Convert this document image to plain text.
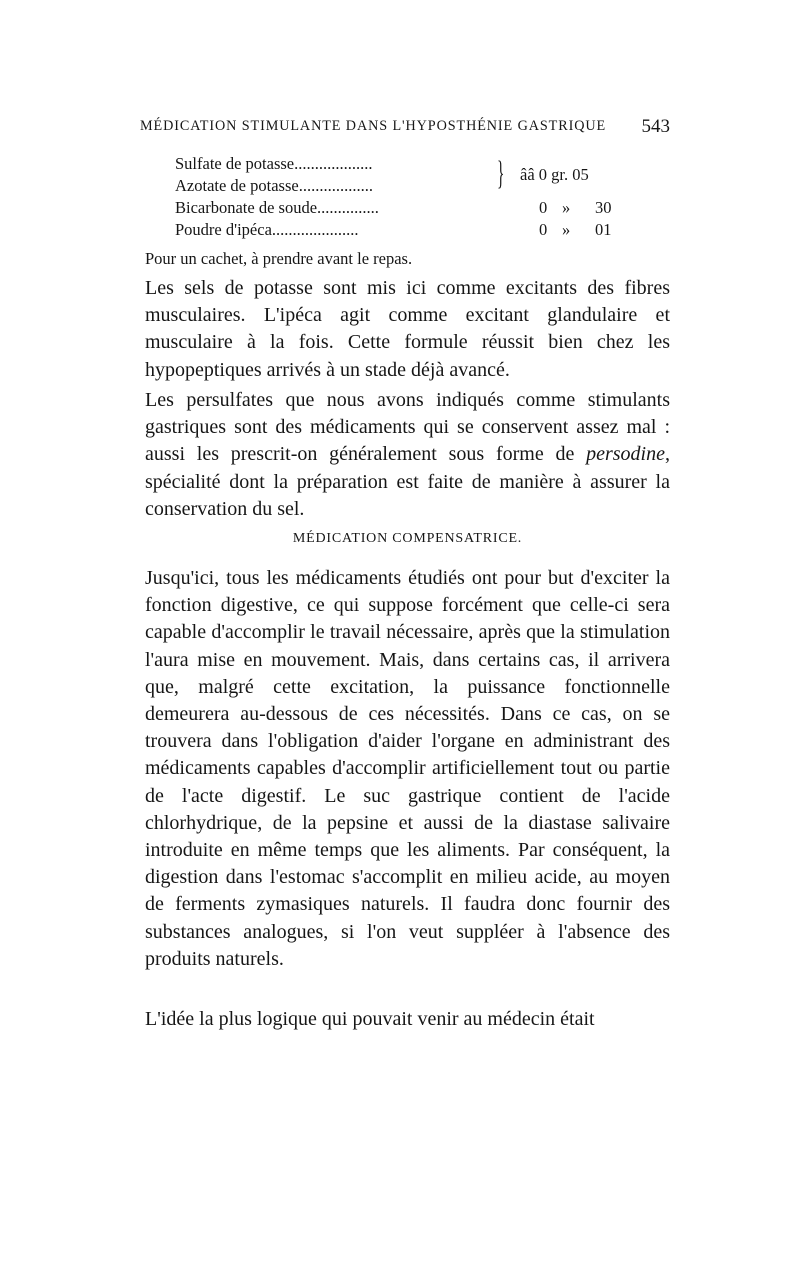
MÉDICATION STIMULANTE DANS L'HYPOSTHÉNIE GASTRIQUE 543
Sulfate de potasse...................	} ââ 0 gr. 05
Azotate de potasse..................
Bicarbonate de soude...............	0 » 30
Poudre d'ipéca.....................	0 » 01
Pour un cachet, à prendre avant le repas.
Les sels de potasse sont mis ici comme excitants des fibres musculaires. L'ipéca agit comme excitant glandulaire et musculaire à la fois. Cette formule réussit bien chez les hypopeptiques arrivés à un stade déjà avancé.
Les persulfates que nous avons indiqués comme stimulants gastriques sont des médicaments qui se conservent assez mal : aussi les prescrit-on généralement sous forme de persodine, spécialité dont la préparation est faite de manière à assurer la conservation du sel.
MÉDICATION COMPENSATRICE.
Jusqu'ici, tous les médicaments étudiés ont pour but d'exciter la fonction digestive, ce qui suppose forcément que celle-ci sera capable d'accomplir le travail nécessaire, après que la stimulation l'aura mise en mouvement. Mais, dans certains cas, il arrivera que, malgré cette excitation, la puissance fonctionnelle demeurera au-dessous de ces nécessités. Dans ce cas, on se trouvera dans l'obligation d'aider l'organe en administrant des médicaments capables d'accomplir artificiellement tout ou partie de l'acte digestif. Le suc gastrique contient de l'acide chlorhydrique, de la pepsine et aussi de la diastase salivaire introduite en même temps que les aliments. Par conséquent, la digestion dans l'estomac s'accomplit en milieu acide, au moyen de ferments zymasiques naturels. Il faudra donc fournir des substances analogues, si l'on veut suppléer à l'absence des produits naturels.
L'idée la plus logique qui pouvait venir au médecin était
